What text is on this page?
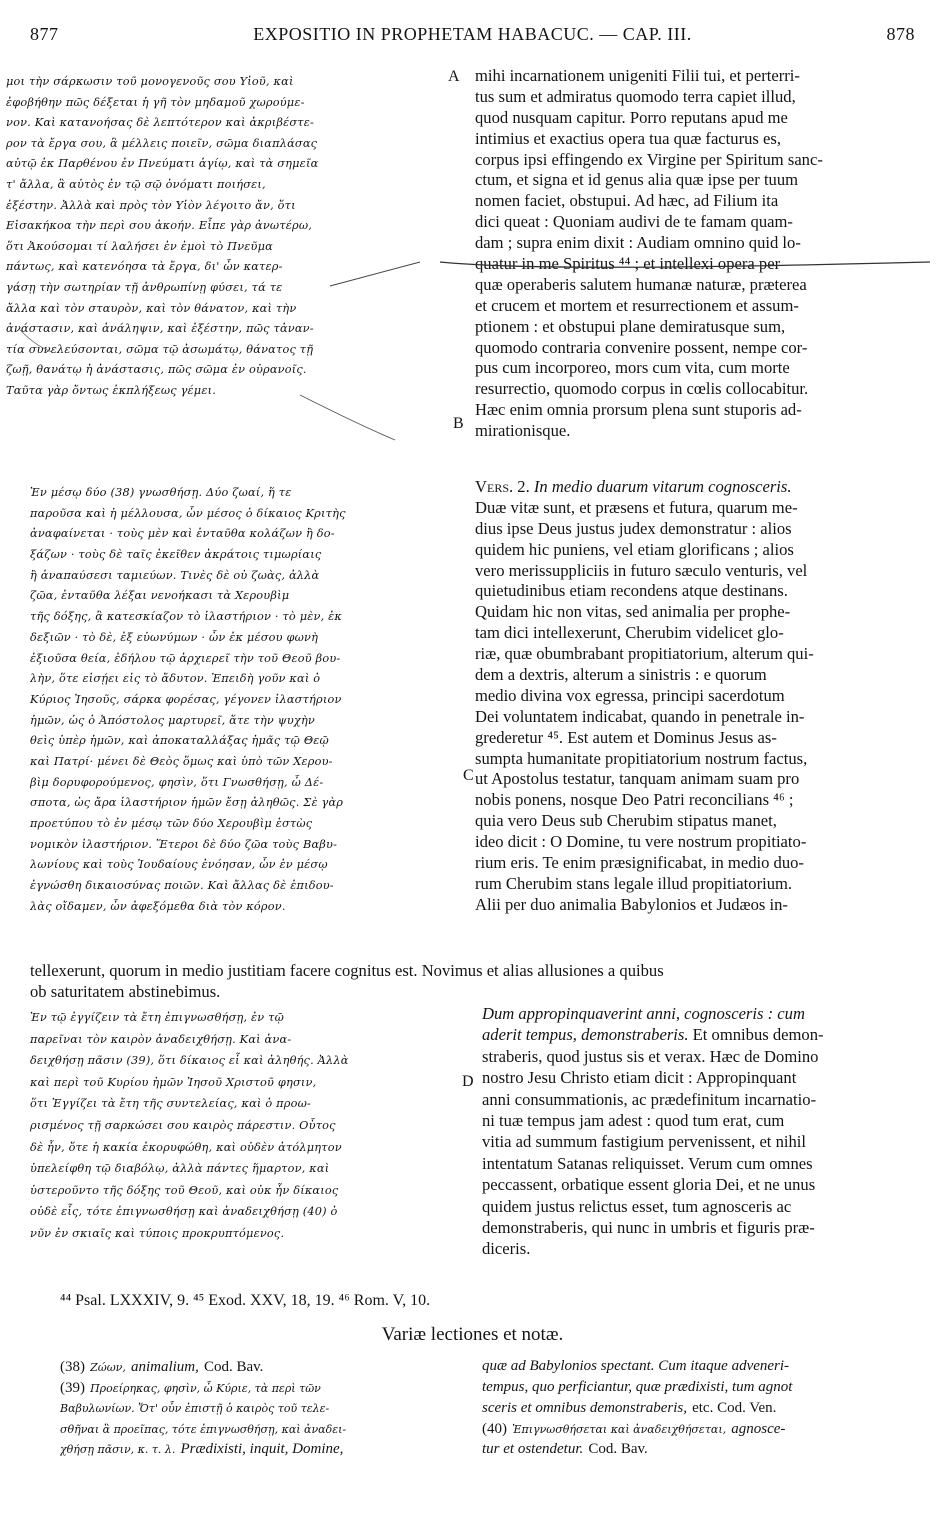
877	EXPOSITIO IN PROPHETAM HABACUC. — CAP. III.	878
μοι τὴν σάρκωσιν τοῦ μονογενοῦς σου Υἱοῦ, καὶ
ἐφοβήθην πῶς δέξεται ἡ γῆ τὸν μηδαμοῦ χωρούμε-
νον. Καὶ κατανοήσας δὲ λεπτότερον καὶ ἀκριβέστε-
ρον τὰ ἔργα σου, ἃ μέλλεις ποιεῖν, σῶμα διαπλάσας
αὐτῷ ἐκ Παρθένου ἐν Πνεύματι ἁγίῳ, καὶ τὰ σημεῖα
τ' ἄλλα, ἃ αὐτὸς ἐν τῷ σῷ ὀνόματι ποιήσει,
ἐξέστην. Ἀλλὰ καὶ πρὸς τὸν Υἱὸν λέγοιτο ἄν, ὅτι
Εἰσακήκοα τὴν περὶ σου ἀκοήν. Εἶπε γὰρ ἀνωτέρω,
ὅτι Ἀκούσομαι τί λαλήσει ἐν ἐμοὶ τὸ Πνεῦμα
πάντως, καὶ κατενόησα τὰ ἔργα, δι' ὧν κατερ-
γάσῃ τὴν σωτηρίαν τῇ ἀνθρωπίνῃ φύσει, τά τε
ἄλλα καὶ τὸν σταυρὸν, καὶ τὸν θάνατον, καὶ τὴν
ἀνάστασιν, καὶ ἀνάληψιν, καὶ ἐξέστην, πῶς τἀναν-
τία συνελεύσονται, σῶμα τῷ ἀσωμάτῳ, θάνατος τῇ
ζωῇ, θανάτῳ ἡ ἀνάστασις, πῶς σῶμα ἐν οὐρανοῖς.
Ταῦτα γὰρ ὄντως ἐκπλήξεως γέμει.
mihi incarnationem unigeniti Filii tui, et perterri-
tus sum et admiratus quomodo terra capiet illud,
quod nusquam capitur. Porro reputans apud me
intimius et exactius opera tua quæ facturus es,
corpus ipsi effingendo ex Virgine per Spiritum sanc-
ctum, et signa et id genus alia quæ ipse per tuum
nomen faciet, obstupui. Ad hæc, ad Filium ita
dici queat : Quoniam audivi de te famam quam-
dam ; supra enim dixit : Audiam omnino quid lo-
quatur in me Spiritus ⁴⁴ ; et intellexi opera per
quæ operaberis salutem humanæ naturæ, præterea
et crucem et mortem et resurrectionem et assum-
ptionem : et obstupui plane demiratusque sum,
quomodo contraria convenire possent, nempe cor-
pus cum incorporeo, mors cum vita, cum morte
resurrectio, quomodo corpus in cœlis collocabitur.
Hæc enim omnia prorsum plena sunt stuporis ad-
mirationisque.
A
B
Ἐν μέσῳ δύο (38) γνωσθήσῃ. Δύο ζωαί, ἥ τε
παροῦσα καὶ ἡ μέλλουσα, ὧν μέσος ὁ δίκαιος Κριτὴς
ἀναφαίνεται · τοὺς μὲν καὶ ἐνταῦθα κολάζων ἢ δο-
ξάζων · τοὺς δὲ ταῖς ἐκεῖθεν ἀκράτοις τιμωρίαις
ἢ ἀναπαύσεσι ταμιεύων. Τινὲς δὲ οὐ ζωὰς, ἀλλὰ
ζῶα, ἐνταῦθα λέξαι νενοήκασι τὰ Χερουβὶμ
τῆς δόξης, ἃ κατεσκίαζον τὸ ἱλαστήριον · τὸ μὲν, ἐκ
δεξιῶν · τὸ δὲ, ἐξ εὐωνύμων · ὧν ἐκ μέσου φωνὴ
ἐξιοῦσα θεία, ἐδήλου τῷ ἀρχιερεῖ τὴν τοῦ Θεοῦ βου-
λὴν, ὅτε εἰσῄει εἰς τὸ ἄδυτον. Ἐπειδὴ γοῦν καὶ ὁ
Κύριος Ἰησοῦς, σάρκα φορέσας, γέγονεν ἱλαστήριον
ἡμῶν, ὡς ὁ Ἀπόστολος μαρτυρεῖ, ἅτε τὴν ψυχὴν
θεὶς ὑπὲρ ἡμῶν, καὶ ἀποκαταλλάξας ἡμᾶς τῷ Θεῷ
καὶ Πατρί· μένει δὲ Θεὸς ὅμως καὶ ὑπὸ τῶν Χερου-
βὶμ δορυφορούμενος, φησὶν, ὅτι Γνωσθήσῃ, ὦ Δέ-
σποτα, ὡς ἄρα ἱλαστήριον ἡμῶν ἔσῃ ἀληθῶς. Σὲ γὰρ
προετύπου τὸ ἐν μέσῳ τῶν δύο Χερουβὶμ ἑστὼς
νομικὸν ἱλαστήριον. Ἕτεροι δὲ δύο ζῶα τοὺς Βαβυ-
λωνίους καὶ τοὺς Ἰουδαίους ἐνόησαν, ὧν ἐν μέσῳ
ἐγνώσθη δικαιοσύνας ποιῶν. Καὶ ἄλλας δὲ ἐπιδου-
λὰς οἴδαμεν, ὧν ἀφεξόμεθα διὰ τὸν κόρον.
VERS. 2. In medio duarum vitarum cognosceris.
Duæ vitæ sunt, et præsens et futura, quarum me-
dius ipse Deus justus judex demonstratur : alios
quidem hic puniens, vel etiam glorificans ; alios
vero merissuppliciis in futuro sæculo venturis, vel
quietudinibus etiam recondens atque destinans.
Quidam hic non vitas, sed animalia per prophe-
tam dici intellexerunt, Cherubim videlicet glo-
riæ, quæ obumbrabant propitiatorium, alterum qui-
dem a dextris, alterum a sinistris : e quorum
medio divina vox egressa, principi sacerdotum
Dei voluntatem indicabat, quando in penetrale in-
grederetur ⁴⁵. Est autem et Dominus Jesus as-
sumpta humanitate propitiatorium nostrum factus,
ut Apostolus testatur, tanquam animam suam pro
nobis ponens, nosque Deo Patri reconcilians ⁴⁶ ;
quia vero Deus sub Cherubim stipatus manet,
ideo dicit : O Domine, tu vere nostrum propitiato-
rium eris. Te enim præsignificabat, in medio duo-
rum Cherubim stans legale illud propitiatorium.
Alii per duo animalia Babylonios et Judæos in-
C
tellexerunt, quorum in medio justitiam facere cognitus est. Novimus et alias allusiones a quibus
ob saturitatem abstinebimus.
Ἐν τῷ ἐγγίζειν τὰ ἔτη ἐπιγνωσθήσῃ, ἐν τῷ
παρεῖναι τὸν καιρὸν ἀναδειχθήσῃ. Καὶ ἀνα-
δειχθήσῃ πᾶσιν (39), ὅτι δίκαιος εἶ καὶ ἀληθής. Ἀλλὰ
καὶ περὶ τοῦ Κυρίου ἡμῶν Ἰησοῦ Χριστοῦ φησιν,
ὅτι Ἐγγίζει τὰ ἔτη τῆς συντελείας, καὶ ὁ προω-
ρισμένος τῇ σαρκώσει σου καιρὸς πάρεστιν. Οὗτος
δὲ ἦν, ὅτε ἡ κακία ἐκορυφώθη, καὶ οὐδὲν ἀτόλμητον
ὑπελείφθη τῷ διαβόλῳ, ἀλλὰ πάντες ἥμαρτον, καὶ
ὑστεροῦντο τῆς δόξης τοῦ Θεοῦ, καὶ οὐκ ἦν δίκαιος
οὐδὲ εἷς, τότε ἐπιγνωσθήσῃ καὶ ἀναδειχθήσῃ (40) ὁ
νῦν ἐν σκιαῖς καὶ τύποις προκρυπτόμενος.
Dum appropinquaverint anni, cognosceris : cum
aderit tempus, demonstraberis. Et omnibus demon-
straberis, quod justus sis et verax. Hæc de Domino
nostro Jesu Christo etiam dicit : Appropinquant
anni consummationis, ac prædefinitum incarnatio-
ni tuæ tempus jam adest : quod tum erat, cum
vitia ad summum fastigium pervenissent, et nihil
intentatum Satanas reliquisset. Verum cum omnes
peccassent, orbatique essent gloria Dei, et ne unus
quidem justus relictus esset, tum agnosceris ac
demonstraberis, qui nunc in umbris et figuris præ-
diceris.
D
⁴⁴ Psal. LXXXIV, 9. ⁴⁵ Exod. XXV, 18, 19. ⁴⁶ Rom. V, 10.
Variæ lectiones et notæ.
(38) Ζώων, animalium, Cod. Bav.
(39) Προείρηκας, φησὶν, ὦ Κύριε, τὰ περὶ τῶν
Βαβυλωνίων. Ὅτ' οὖν ἐπιστῇ ὁ καιρὸς τοῦ τελε-
σθῆναι ἃ προεῖπας, τότε ἐπιγνωσθήσῃ, καὶ ἀναδει-
χθήσῃ πᾶσιν, κ. τ. λ. Prædixisti, inquit, Domine,
quæ ad Babylonios spectant. Cum itaque adveneri-
tempus, quo perficiantur, quæ prædixisti, tum agnot
sceris et omnibus demonstraberis, etc. Cod. Ven.
(40) Ἐπιγνωσθήσεται καὶ ἀναδειχθήσεται, agnosce-
tur et ostendetur. Cod. Bav.
